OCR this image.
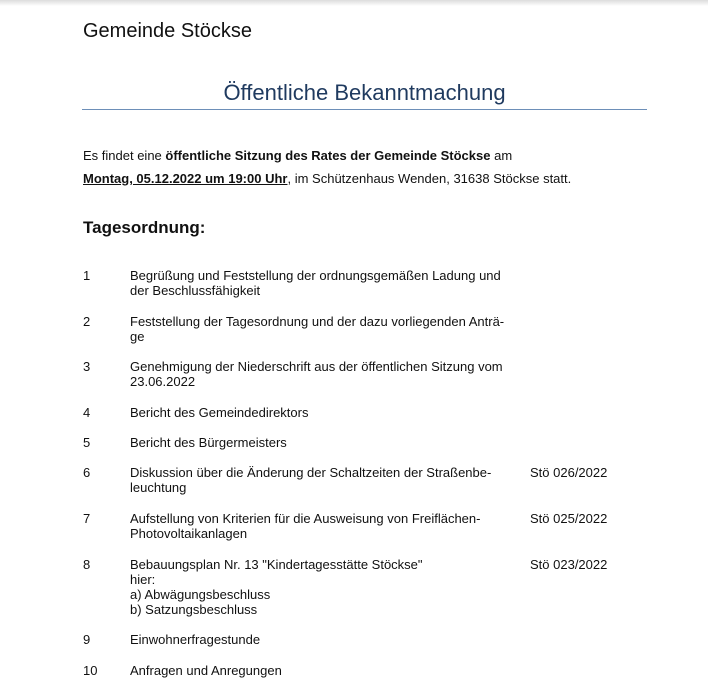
Gemeinde Stöckse
Öffentliche Bekanntmachung
Es findet eine öffentliche Sitzung des Rates der Gemeinde Stöckse am
Montag, 05.12.2022 um 19:00 Uhr, im Schützenhaus Wenden, 31638 Stöckse statt.
Tagesordnung:
1	Begrüßung und Feststellung der ordnungsgemäßen Ladung und
der Beschlussfähigkeit
2	Feststellung der Tagesordnung und der dazu vorliegenden Anträ-
ge
3	Genehmigung der Niederschrift aus der öffentlichen Sitzung vom
23.06.2022
4	Bericht des Gemeindedirektors
5	Bericht des Bürgermeisters
6	Diskussion über die Änderung der Schaltzeiten der Straßenbe-
leuchtung
Stö 026/2022
7	Aufstellung von Kriterien für die Ausweisung von Freiflächen-
Photovoltaikanlagen
Stö 025/2022
8	Bebauungsplan Nr. 13 "Kindertagesstätte Stöckse"
hier:
a) Abwägungsbeschluss
b) Satzungsbeschluss
Stö 023/2022
9	Einwohnerfragestunde
10	Anfragen und Anregungen
